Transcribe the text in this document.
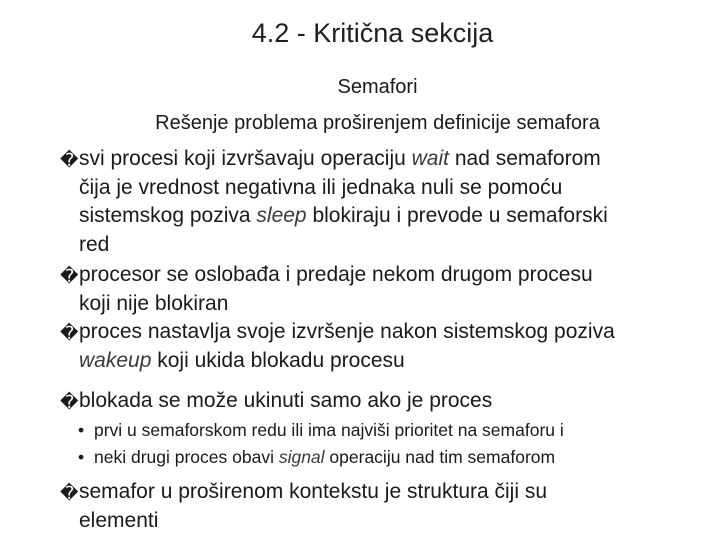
4.2 - Kritična sekcija
Semafori
Rešenje problema proširenjem definicije semafora
� svi procesi koji izvršavaju operaciju wait nad semaforom
čija je vrednost negativna ili jednaka nuli se pomoću
sistemskog poziva sleep blokiraju i prevode u semaforski
red
� procesor se oslobađa i predaje nekom drugom procesu
koji nije blokiran
� proces nastavlja svoje izvršenje nakon sistemskog poziva
wakeup koji ukida blokadu procesu
� blokada se može ukinuti samo ako je proces
• prvi u semaforskom redu ili ima najviši prioritet na semaforu i
• neki drugi proces obavi signal operaciju nad tim semaforom
� semafor u proširenom kontekstu je struktura čiji su
elementi
